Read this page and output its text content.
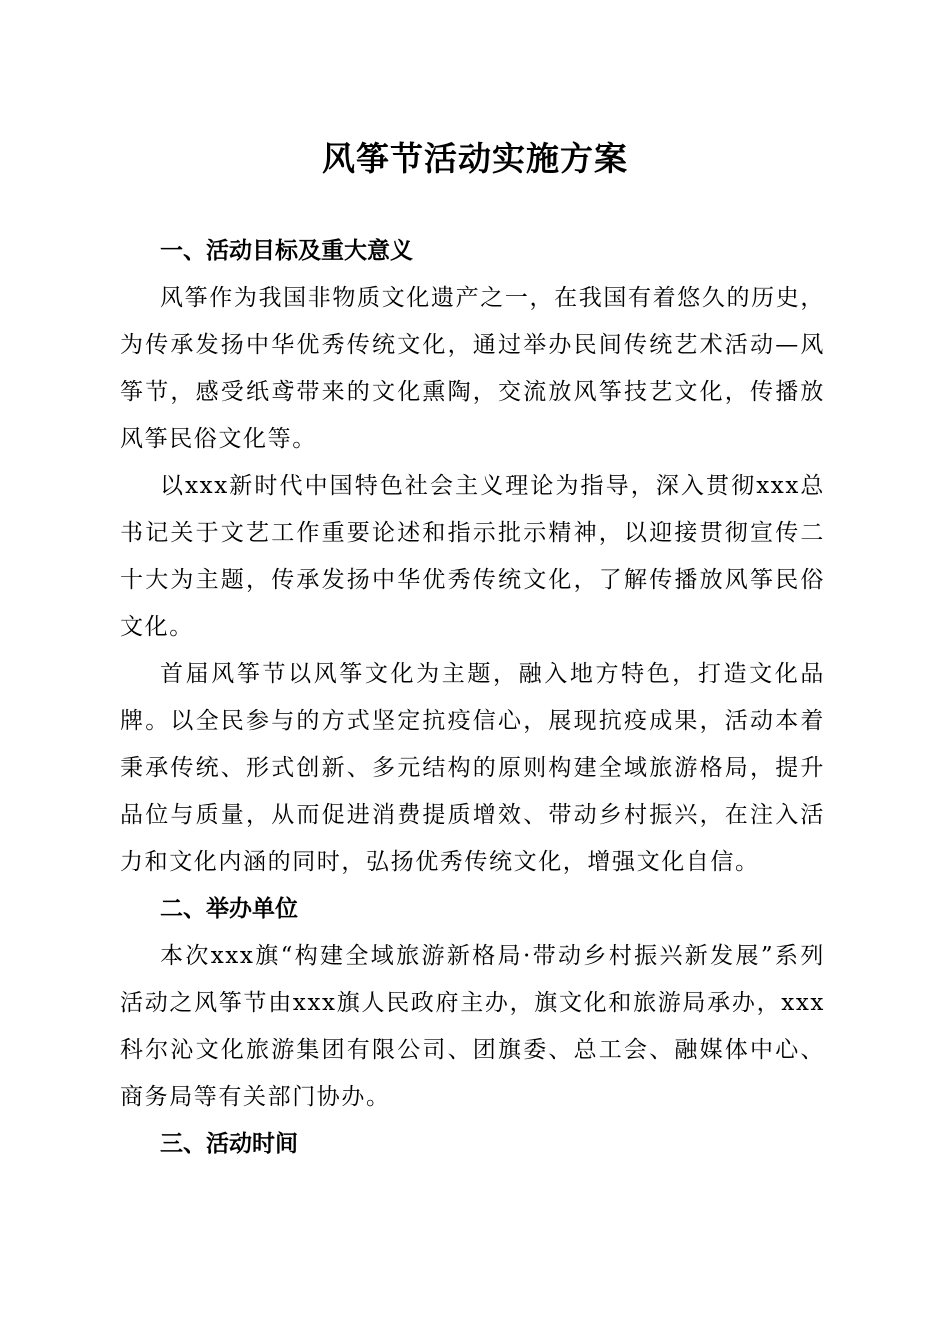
风筝节活动实施方案
一、活动目标及重大意义

风筝作为我国非物质文化遗产之一，在我国有着悠久的历史，为传承发扬中华优秀传统文化，通过举办民间传统艺术活动—风筝节，感受纸鸢带来的文化熏陶，交流放风筝技艺文化，传播放风筝民俗文化等。

以xxx新时代中国特色社会主义理论为指导，深入贯彻xxx总书记关于文艺工作重要论述和指示批示精神，以迎接贯彻宣传二十大为主题，传承发扬中华优秀传统文化，了解传播放风筝民俗文化。

首届风筝节以风筝文化为主题，融入地方特色，打造文化品牌。以全民参与的方式坚定抗疫信心，展现抗疫成果，活动本着秉承传统、形式创新、多元结构的原则构建全域旅游格局，提升品位与质量，从而促进消费提质增效、带动乡村振兴，在注入活力和文化内涵的同时，弘扬优秀传统文化，增强文化自信。

二、举办单位

本次xxx旗“构建全域旅游新格局·带动乡村振兴新发展”系列活动之风筝节由xxx旗人民政府主办，旗文化和旅游局承办，xxx科尔沁文化旅游集团有限公司、团旗委、总工会、融媒体中心、商务局等有关部门协办。

三、活动时间
